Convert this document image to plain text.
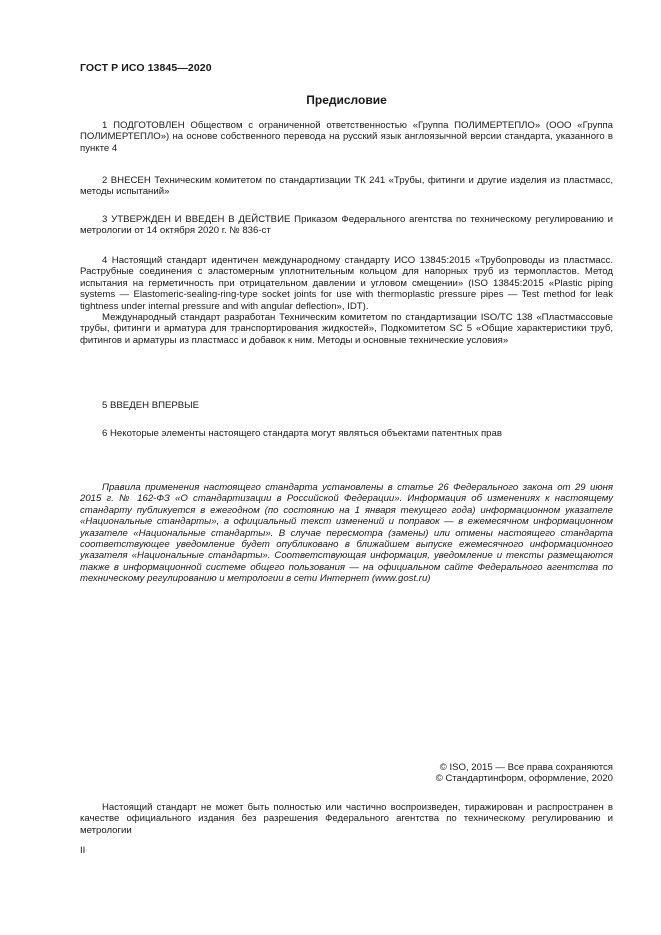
ГОСТ Р ИСО 13845—2020
Предисловие

1 ПОДГОТОВЛЕН Обществом с ограниченной ответственностью «Группа ПОЛИМЕРТЕПЛО» (ООО «Группа ПОЛИМЕРТЕПЛО») на основе собственного перевода на русский язык англоязычной версии стандарта, указанного в пункте 4

2 ВНЕСЕН Техническим комитетом по стандартизации ТК 241 «Трубы, фитинги и другие изделия из пластмасс, методы испытаний»

3 УТВЕРЖДЕН И ВВЕДЕН В ДЕЙСТВИЕ Приказом Федерального агентства по техническому регулированию и метрологии от 14 октября 2020 г. № 836-ст

4 Настоящий стандарт идентичен международному стандарту ИСО 13845:2015 «Трубопроводы из пластмасс. Раструбные соединения с эластомерным уплотнительным кольцом для напорных труб из термопластов. Метод испытания на герметичность при отрицательном давлении и угловом смещении» (ISO 13845:2015 «Plastic piping systems — Elastomeric-sealing-ring-type socket joints for use with thermoplastic pressure pipes — Test method for leak tightness under internal pressure and with angular deflection», IDT).

Международный стандарт разработан Техническим комитетом по стандартизации ISO/TC 138 «Пластмассовые трубы, фитинги и арматура для транспортирования жидкостей», Подкомитетом SC 5 «Общие характеристики труб, фитингов и арматуры из пластмасс и добавок к ним. Методы и основные технические условия»

5 ВВЕДЕН ВПЕРВЫЕ

6 Некоторые элементы настоящего стандарта могут являться объектами патентных прав

Правила применения настоящего стандарта установлены в статье 26 Федерального закона от 29 июня 2015 г. № 162-ФЗ «О стандартизации в Российской Федерации». Информация об изменениях к настоящему стандарту публикуется в ежегодном (по состоянию на 1 января текущего года) информационном указателе «Национальные стандарты», а официальный текст изменений и поправок — в ежемесячном информационном указателе «Национальные стандарты». В случае пересмотра (замены) или отмены настоящего стандарта соответствующее уведомление будет опубликовано в ближайшем выпуске ежемесячного информационного указателя «Национальные стандарты». Соответствующая информация, уведомление и тексты размещаются также в информационной системе общего пользования — на официальном сайте Федерального агентства по техническому регулированию и метрологии в сети Интернет (www.gost.ru)

© ISO, 2015 — Все права сохраняются
© Стандартинформ, оформление, 2020

Настоящий стандарт не может быть полностью или частично воспроизведен, тиражирован и распространен в качестве официального издания без разрешения Федерального агентства по техническому регулированию и метрологии

II
